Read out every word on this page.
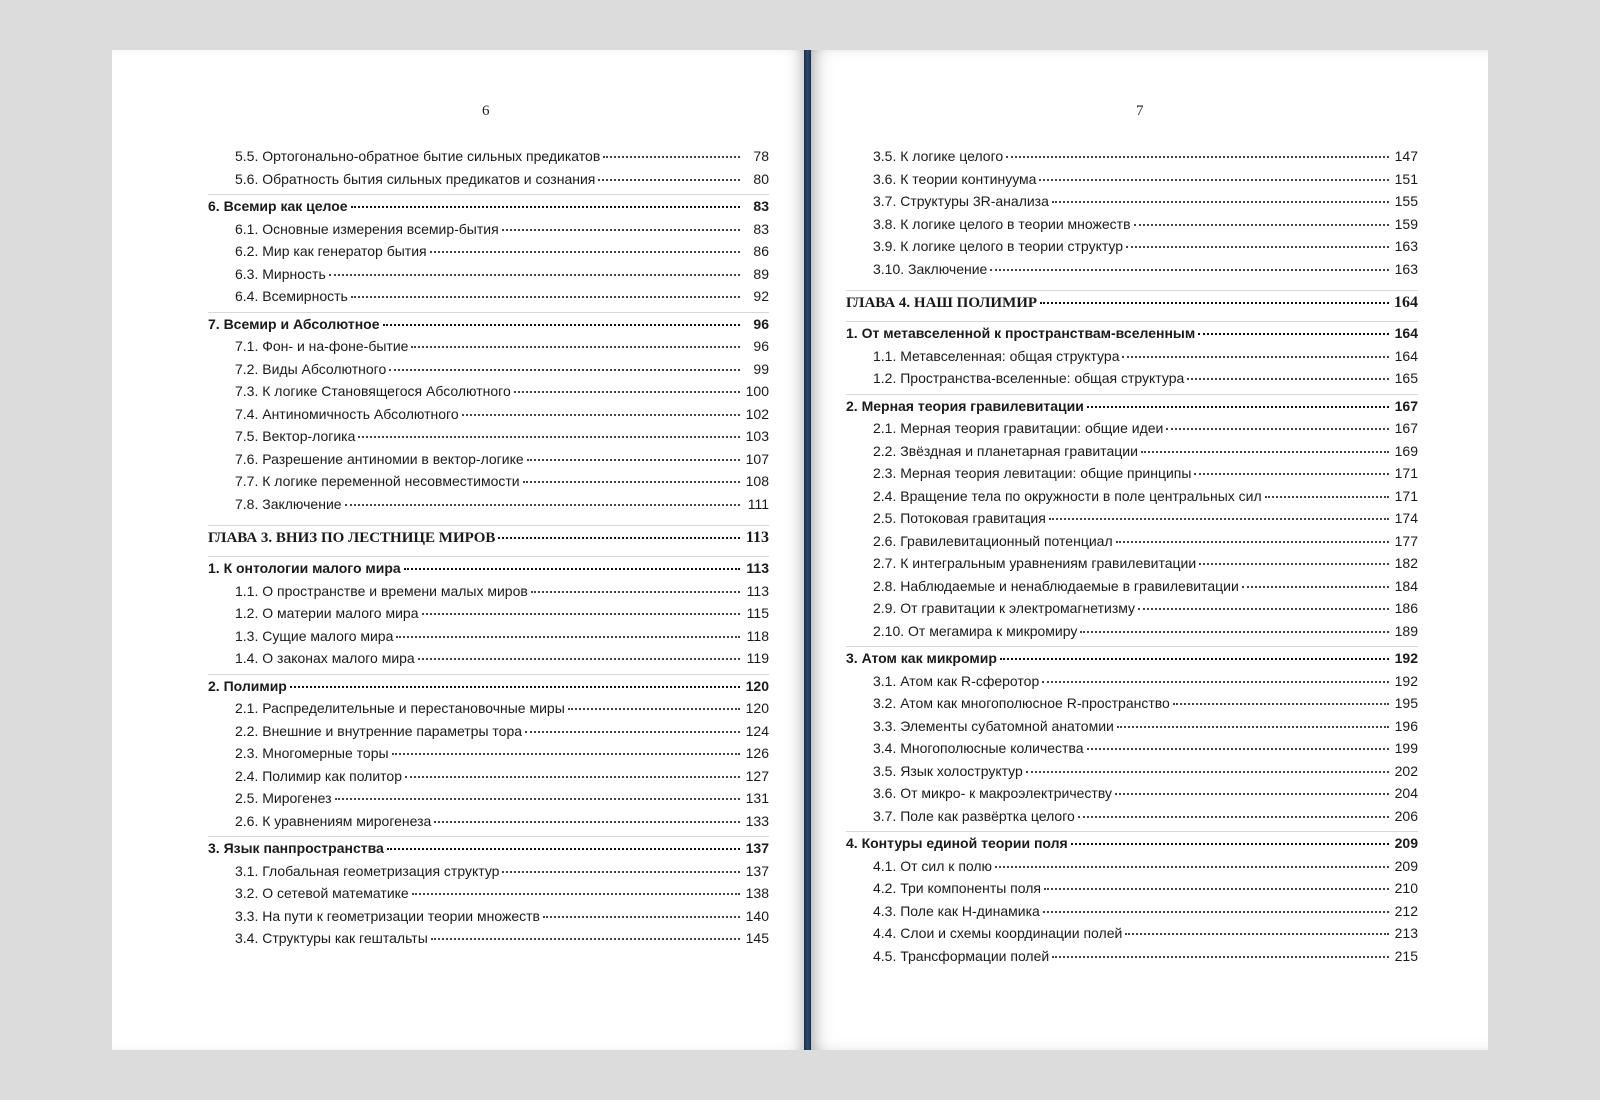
6
5.5. Ортогонально-обратное бытие сильных предикатов	78
5.6. Обратность бытия сильных предикатов и сознания	80
6. Всемир как целое	83
6.1. Основные измерения всемир-бытия	83
6.2. Мир как генератор бытия	86
6.3. Мирность	89
6.4. Всемирность	92
7. Всемир и Абсолютное	96
7.1. Фон- и на-фоне-бытие	96
7.2. Виды Абсолютного	99
7.3. К логике Становящегося Абсолютного	100
7.4. Антиномичность Абсолютного	102
7.5. Вектор-логика	103
7.6. Разрешение антиномии в вектор-логике	107
7.7. К логике переменной несовместимости	108
7.8. Заключение	111
ГЛАВА 3. ВНИЗ ПО ЛЕСТНИЦЕ МИРОВ	113
1. К онтологии малого мира	113
1.1. О пространстве и времени малых миров	113
1.2. О материи малого мира	115
1.3. Сущие малого мира	118
1.4. О законах малого мира	119
2. Полимир	120
2.1. Распределительные и перестановочные миры	120
2.2. Внешние и внутренние параметры тора	124
2.3. Многомерные торы	126
2.4. Полимир как политор	127
2.5. Мирогенез	131
2.6. К уравнениям мирогенеза	133
3. Язык панпространства	137
3.1. Глобальная геометризация структур	137
3.2. О сетевой математике	138
3.3. На пути к геометризации теории множеств	140
3.4. Структуры как гештальты	145
7
3.5. К логике целого	147
3.6. К теории континуума	151
3.7. Структуры 3R-анализа	155
3.8. К логике целого в теории множеств	159
3.9. К логике целого в теории структур	163
3.10. Заключение	163
ГЛАВА 4. НАШ ПОЛИМИР	164
1. От метавселенной к пространствам-вселенным	164
1.1. Метавселенная: общая структура	164
1.2. Пространства-вселенные: общая структура	165
2. Мерная теория гравилевитации	167
2.1. Мерная теория гравитации: общие идеи	167
2.2. Звёздная и планетарная гравитации	169
2.3. Мерная теория левитации: общие принципы	171
2.4. Вращение тела по окружности в поле центральных сил	171
2.5. Потоковая гравитация	174
2.6. Гравилевитационный потенциал	177
2.7. К интегральным уравнениям гравилевитации	182
2.8. Наблюдаемые и ненаблюдаемые в гравилевитации	184
2.9. От гравитации к электромагнетизму	186
2.10. От мегамира к микромиру	189
3. Атом как микромир	192
3.1. Атом как R-сферотор	192
3.2. Атом как многополюсное R-пространство	195
3.3. Элементы субатомной анатомии	196
3.4. Многополюсные количества	199
3.5. Язык холоструктур	202
3.6. От микро- к макроэлектричеству	204
3.7. Поле как развёртка целого	206
4. Контуры единой теории поля	209
4.1. От сил к полю	209
4.2. Три компоненты поля	210
4.3. Поле как Н-динамика	212
4.4. Слои и схемы координации полей	213
4.5. Трансформации полей	215
